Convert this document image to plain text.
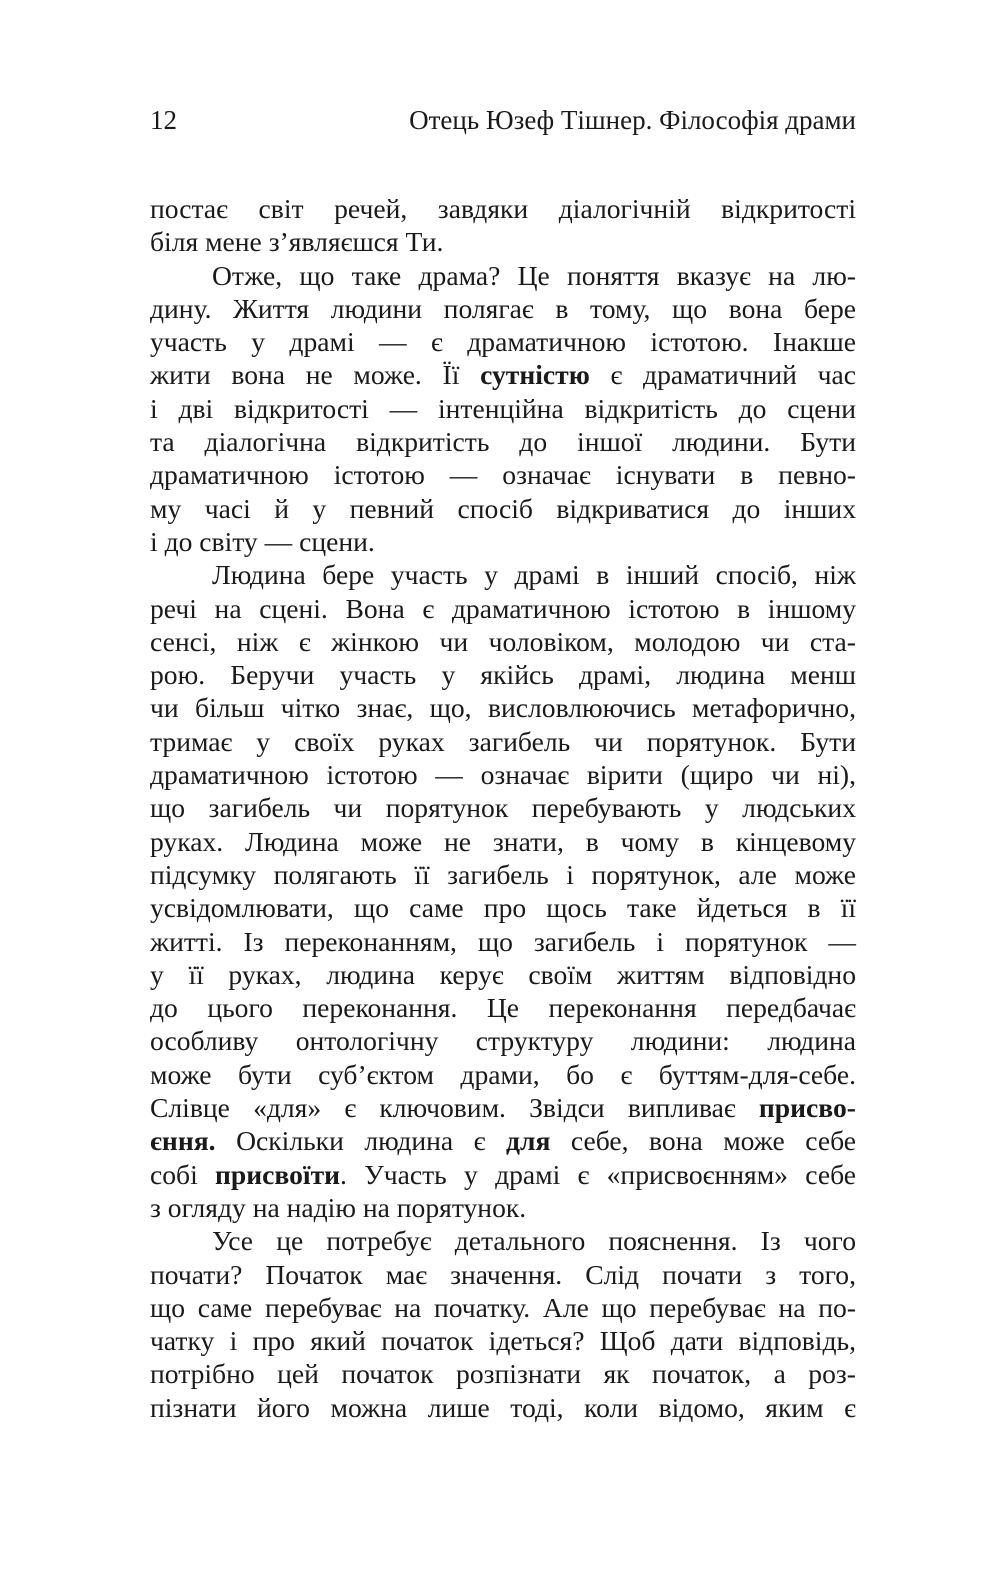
12	Отець Юзеф Тішнер. Філософія драми

постає світ речей, завдяки діалогічній відкритості
біля мене з’являєшся Ти.

Отже, що таке драма? Це поняття вказує на лю-
дину. Життя людини полягає в тому, що вона бере
участь у драмі — є драматичною істотою. Інакше
жити вона не може. Її сутністю є драматичний час
і дві відкритості — інтенційна відкритість до сцени
та діалогічна відкритість до іншої людини. Бути
драматичною істотою — означає існувати в певно-
му часі й у певний спосіб відкриватися до інших
і до світу — сцени.

Людина бере участь у драмі в інший спосіб, ніж
речі на сцені. Вона є драматичною істотою в іншому
сенсі, ніж є жінкою чи чоловіком, молодою чи ста-
рою. Беручи участь у якійсь драмі, людина менш
чи більш чітко знає, що, висловлюючись метафорично,
тримає у своїх руках загибель чи порятунок. Бути
драматичною істотою — означає вірити (щиро чи ні),
що загибель чи порятунок перебувають у людських
руках. Людина може не знати, в чому в кінцевому
підсумку полягають її загибель і порятунок, але може
усвідомлювати, що саме про щось таке йдеться в її
житті. Із переконанням, що загибель і порятунок —
у її руках, людина керує своїм життям відповідно
до цього переконання. Це переконання передбачає
особливу онтологічну структуру людини: людина
може бути суб’єктом драми, бо є буттям-для-себе.
Слівце «для» є ключовим. Звідси випливає присво-
єння. Оскільки людина є для себе, вона може себе
собі присвоїти. Участь у драмі є «присвоєнням» себе
з огляду на надію на порятунок.

Усе це потребує детального пояснення. Із чого
почати? Початок має значення. Слід почати з того,
що саме перебуває на початку. Але що перебуває на по-
чатку і про який початок ідеться? Щоб дати відповідь,
потрібно цей початок розпізнати як початок, а роз-
пізнати його можна лише тоді, коли відомо, яким є
